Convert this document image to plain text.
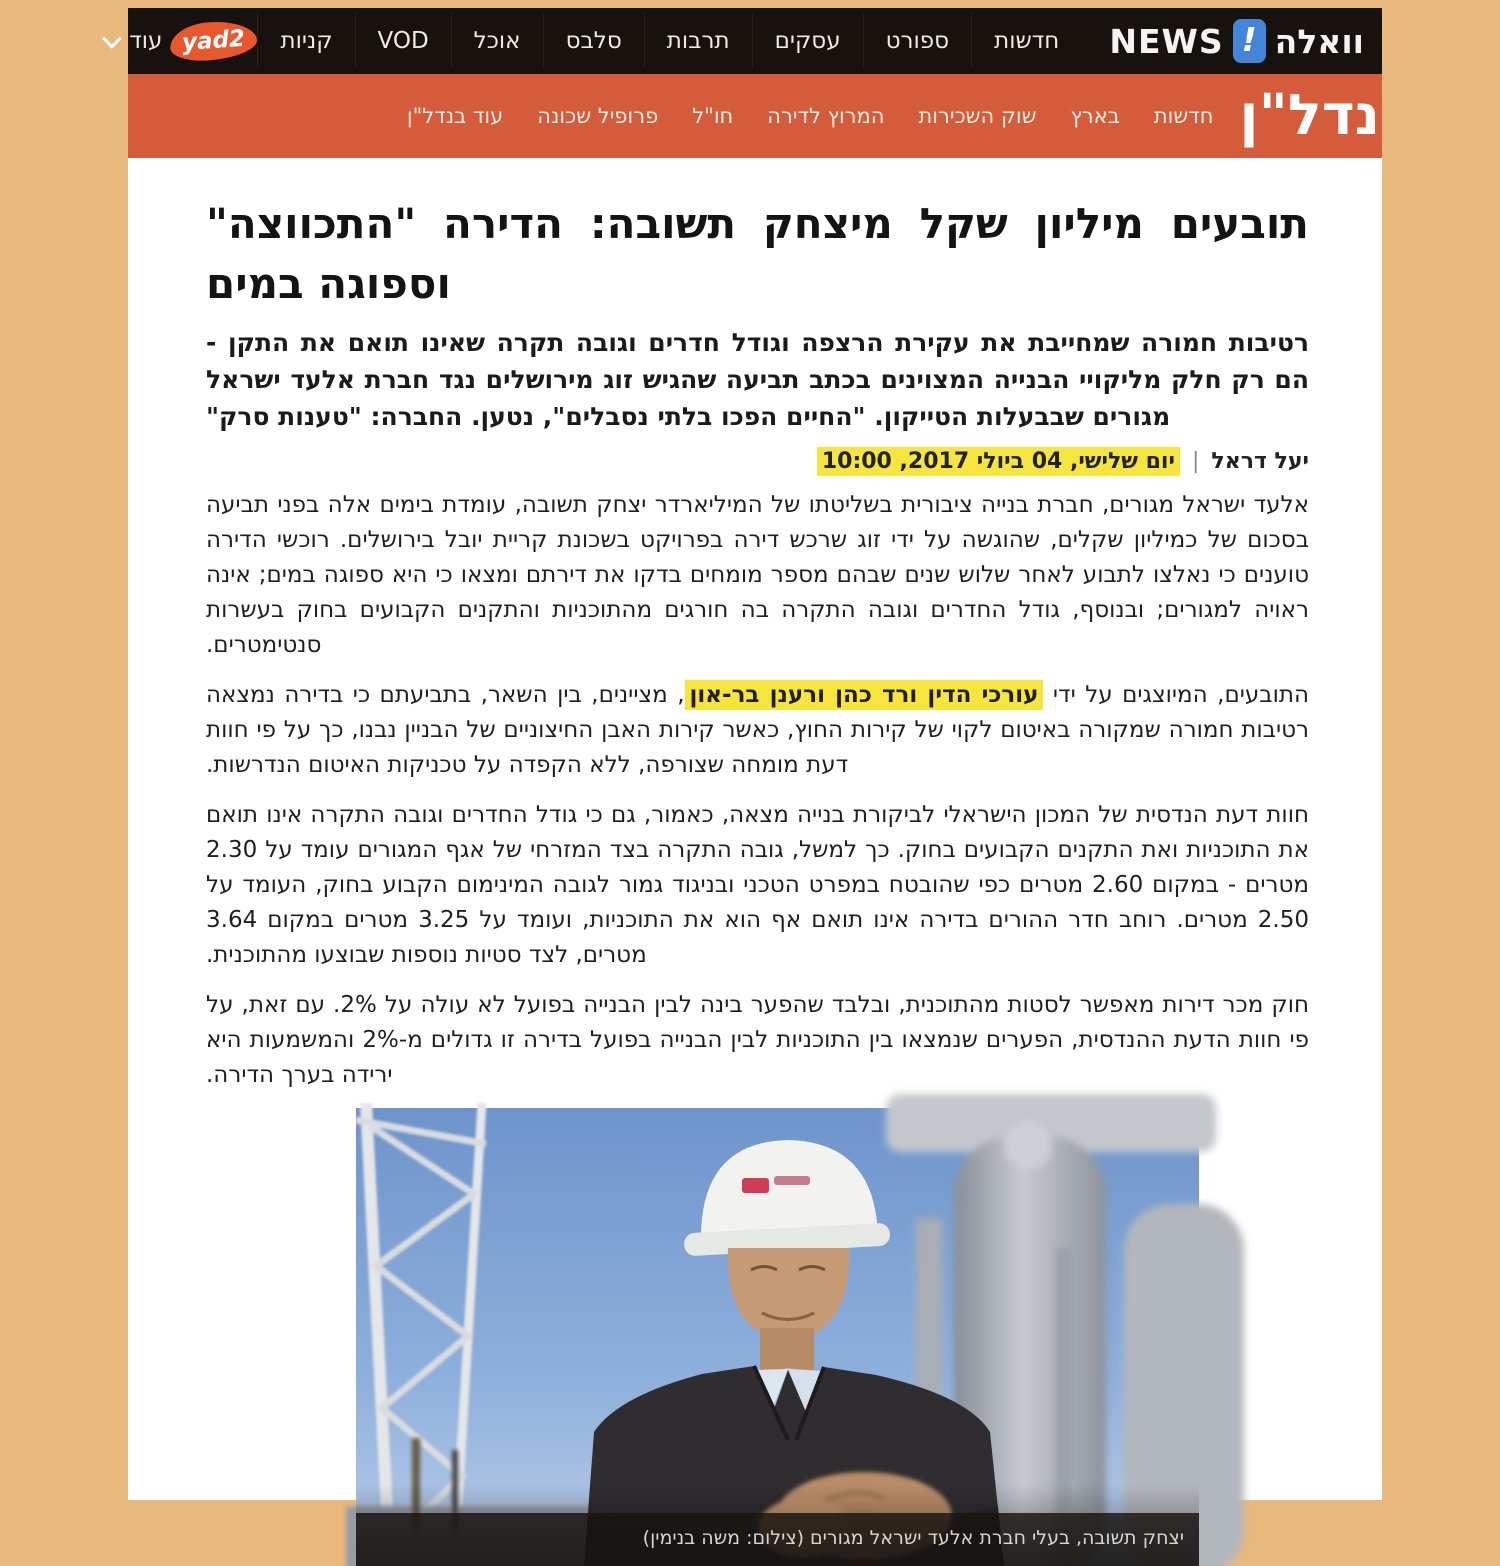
וואלה
!
NEWS
חדשות
ספורט
עסקים
תרבות
סלבס
אוכל
VOD
קניות
yad2
עוד
נדל"ן
חדשות
בארץ
שוק השכירות
המרוץ לדירה
חו"ל
פרופיל שכונה
עוד בנדל"ן
תובעים מיליון שקל מיצחק תשובה: הדירה "התכווצה" וספוגה במים
רטיבות חמורה שמחייבת את עקירת הרצפה וגודל חדרים וגובה תקרה שאינו תואם את התקן - הם רק חלק מליקויי הבנייה המצוינים בכתב תביעה שהגיש זוג מירושלים נגד חברת אלעד ישראל מגורים שבבעלות הטייקון. "החיים הפכו בלתי נסבלים", נטען. החברה: "טענות סרק"
יעל דראל|יום שלישי, 04 ביולי 2017, 10:00

אלעד ישראל מגורים, חברת בנייה ציבורית בשליטתו של המיליארדר יצחק תשובה, עומדת בימים אלה בפני תביעה בסכום של כמיליון שקלים, שהוגשה על ידי זוג שרכש דירה בפרויקט בשכונת קריית יובל בירושלים. רוכשי הדירה טוענים כי נאלצו לתבוע לאחר שלוש שנים שבהם מספר מומחים בדקו את דירתם ומצאו כי היא ספוגה במים; אינה ראויה למגורים; ובנוסף, גודל החדרים וגובה התקרה בה חורגים מהתוכניות והתקנים הקבועים בחוק בעשרות סנטימטרים.

התובעים, המיוצגים על ידי עורכי הדין ורד כהן ורענן בר-און, מציינים, בין השאר, בתביעתם כי בדירה נמצאה רטיבות חמורה שמקורה באיטום לקוי של קירות החוץ, כאשר קירות האבן החיצוניים של הבניין נבנו, כך על פי חוות דעת מומחה שצורפה, ללא הקפדה על טכניקות האיטום הנדרשות.

חוות דעת הנדסית של המכון הישראלי לביקורת בנייה מצאה, כאמור, גם כי גודל החדרים וגובה התקרה אינו תואם את התוכניות ואת התקנים הקבועים בחוק. כך למשל, גובה התקרה בצד המזרחי של אגף המגורים עומד על 2.30 מטרים - במקום 2.60 מטרים כפי שהובטח במפרט הטכני ובניגוד גמור לגובה המינימום הקבוע בחוק, העומד על 2.50 מטרים. רוחב חדר ההורים בדירה אינו תואם אף הוא את התוכניות, ועומד על 3.25 מטרים במקום 3.64 מטרים, לצד סטיות נוספות שבוצעו מהתוכנית.

חוק מכר דירות מאפשר לסטות מהתוכנית, ובלבד שהפער בינה לבין הבנייה בפועל לא עולה על 2%. עם זאת, על פי חוות הדעת ההנדסית, הפערים שנמצאו בין התוכניות לבין הבנייה בפועל בדירה זו גדולים מ-2% והמשמעות היא ירידה בערך הדירה.

יצחק תשובה, בעלי חברת אלעד ישראל מגורים (צילום: משה בנימין)
